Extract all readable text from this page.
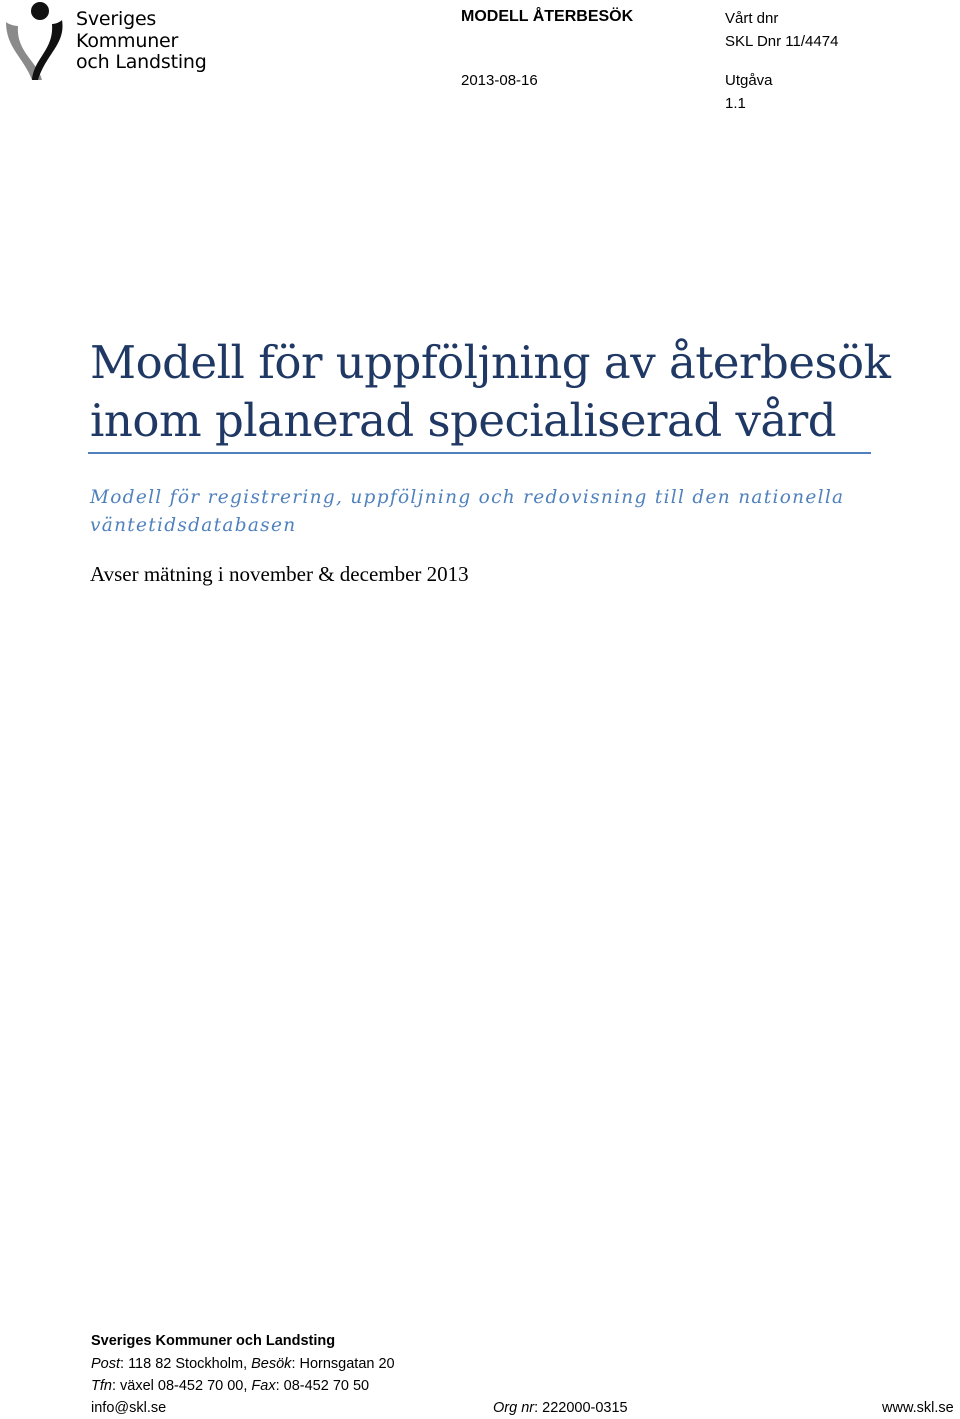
Sveriges
Kommuner
och Landsting
MODELL ÅTERBESÖK
2013-08-16
Vårt dnr
SKL Dnr 11/4474
Utgåva
1.1
Modell för uppföljning av återbesök
inom planerad specialiserad vård
Modell för registrering, uppföljning och redovisning till den nationella väntetidsdatabasen
Avser mätning i november & december 2013
Sveriges Kommuner och Landsting
Post: 118 82 Stockholm, Besök: Hornsgatan 20
Tfn: växel 08-452 70 00, Fax: 08-452 70 50
info@skl.se	Org nr: 222000-0315	www.skl.se
